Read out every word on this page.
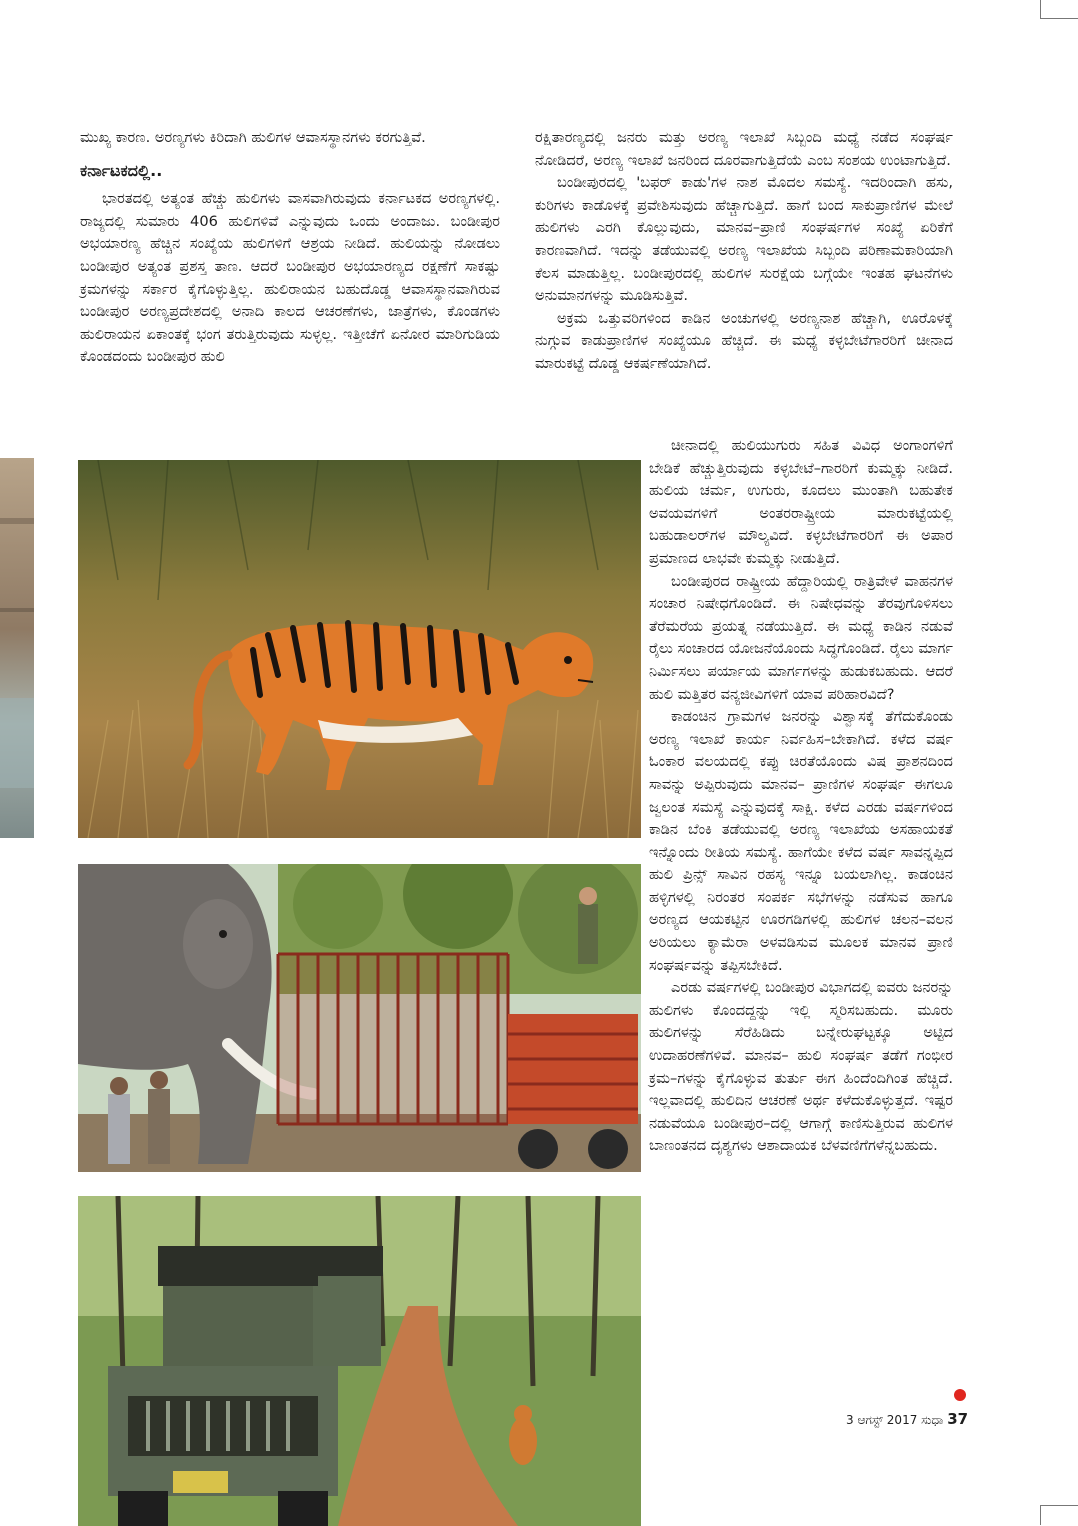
ಮುಖ್ಯ ಕಾರಣ. ಅರಣ್ಯಗಳು ಕಿರಿದಾಗಿ ಹುಲಿಗಳ ಆವಾಸಸ್ಥಾನಗಳು ಕರಗುತ್ತಿವೆ.

ಕರ್ನಾಟಕದಲ್ಲಿ..

ಭಾರತದಲ್ಲಿ ಅತ್ಯಂತ ಹೆಚ್ಚು ಹುಲಿಗಳು ವಾಸವಾಗಿರುವುದು ಕರ್ನಾಟಕದ ಅರಣ್ಯಗಳಲ್ಲಿ. ರಾಜ್ಯದಲ್ಲಿ ಸುಮಾರು 406 ಹುಲಿಗಳಿವೆ ಎನ್ನುವುದು ಒಂದು ಅಂದಾಜು. ಬಂಡೀಪುರ ಅಭಯಾರಣ್ಯ ಹೆಚ್ಚಿನ ಸಂಖ್ಯೆಯ ಹುಲಿಗಳಿಗೆ ಆಶ್ರಯ ನೀಡಿದೆ. ಹುಲಿಯನ್ನು ನೋಡಲು ಬಂಡೀಪುರ ಅತ್ಯಂತ ಪ್ರಶಸ್ತ ತಾಣ. ಆದರೆ ಬಂಡೀಪುರ ಅಭಯಾರಣ್ಯದ ರಕ್ಷಣೆಗೆ ಸಾಕಷ್ಟು ಕ್ರಮಗಳನ್ನು ಸರ್ಕಾರ ಕೈಗೊಳ್ಳುತ್ತಿಲ್ಲ. ಹುಲಿರಾಯನ ಬಹುದೊಡ್ಡ ಆವಾಸಸ್ಥಾನವಾಗಿರುವ ಬಂಡೀಪುರ ಅರಣ್ಯಪ್ರದೇಶದಲ್ಲಿ ಅನಾದಿ ಕಾಲದ ಆಚರಣೆಗಳು, ಜಾತ್ರೆಗಳು, ಕೊಂಡಗಳು ಹುಲಿರಾಯನ ಏಕಾಂತಕ್ಕೆ ಭಂಗ ತರುತ್ತಿರುವುದು ಸುಳ್ಳಲ್ಲ. ಇತ್ತೀಚೆಗೆ ಏನೋರ ಮಾರಿಗುಡಿಯ ಕೊಂಡದಂದು ಬಂಡೀಪುರ ಹುಲಿ

ರಕ್ಷಿತಾರಣ್ಯದಲ್ಲಿ ಜನರು ಮತ್ತು ಅರಣ್ಯ ಇಲಾಖೆ ಸಿಬ್ಬಂದಿ ಮಧ್ಯೆ ನಡೆದ ಸಂಘರ್ಷ ನೋಡಿದರೆ, ಅರಣ್ಯ ಇಲಾಖೆ ಜನರಿಂದ ದೂರವಾಗುತ್ತಿದೆಯೆ ಎಂಬ ಸಂಶಯ ಉಂಟಾಗುತ್ತಿದೆ.

ಬಂಡೀಪುರದಲ್ಲಿ 'ಬಫರ್ ಕಾಡು'ಗಳ ನಾಶ ಮೊದಲ ಸಮಸ್ಯೆ. ಇದರಿಂದಾಗಿ ಹಸು, ಕುರಿಗಳು ಕಾಡೊಳಕ್ಕೆ ಪ್ರವೇಶಿಸುವುದು ಹೆಚ್ಚಾಗುತ್ತಿದೆ. ಹಾಗೆ ಬಂದ ಸಾಕುಪ್ರಾಣಿಗಳ ಮೇಲೆ ಹುಲಿಗಳು ಎರಗಿ ಕೊಲ್ಲುವುದು, ಮಾನವ–ಪ್ರಾಣಿ ಸಂಘರ್ಷಗಳ ಸಂಖ್ಯೆ ಏರಿಕೆಗೆ ಕಾರಣವಾಗಿದೆ. ಇದನ್ನು ತಡೆಯುವಲ್ಲಿ ಅರಣ್ಯ ಇಲಾಖೆಯ ಸಿಬ್ಬಂದಿ ಪರಿಣಾಮಕಾರಿಯಾಗಿ ಕೆಲಸ ಮಾಡುತ್ತಿಲ್ಲ. ಬಂಡೀಪುರದಲ್ಲಿ ಹುಲಿಗಳ ಸುರಕ್ಷೆಯ ಬಗ್ಗೆಯೇ ಇಂತಹ ಘಟನೆಗಳು ಅನುಮಾನಗಳನ್ನು ಮೂಡಿಸುತ್ತಿವೆ.

ಅಕ್ರಮ ಒತ್ತುವರಿಗಳಿಂದ ಕಾಡಿನ ಅಂಚುಗಳಲ್ಲಿ ಅರಣ್ಯನಾಶ ಹೆಚ್ಚಾಗಿ, ಊರೊಳಕ್ಕೆ ನುಗ್ಗುವ ಕಾಡುಪ್ರಾಣಿಗಳ ಸಂಖ್ಯೆಯೂ ಹೆಚ್ಚಿದೆ. ಈ ಮಧ್ಯೆ ಕಳ್ಳಬೇಟೆಗಾರರಿಗೆ ಚೀನಾದ ಮಾರುಕಟ್ಟೆ ದೊಡ್ಡ ಆಕರ್ಷಣೆಯಾಗಿದೆ.

ಚೀನಾದಲ್ಲಿ ಹುಲಿಯುಗುರು ಸಹಿತ ವಿವಿಧ ಅಂಗಾಂಗಳಿಗೆ ಬೇಡಿಕೆ ಹೆಚ್ಚುತ್ತಿರುವುದು ಕಳ್ಳಬೇಟೆ–ಗಾರರಿಗೆ ಕುಮ್ಮಕ್ಕು ನೀಡಿದೆ. ಹುಲಿಯ ಚರ್ಮ, ಉಗುರು, ಕೂದಲು ಮುಂತಾಗಿ ಬಹುತೇಕ ಅವಯವಗಳಿಗೆ ಅಂತರರಾಷ್ಟ್ರೀಯ ಮಾರುಕಟ್ಟೆಯಲ್ಲಿ ಬಹುಡಾಲರ್‌ಗಳ ಮೌಲ್ಯವಿದೆ. ಕಳ್ಳಬೇಟೆಗಾರರಿಗೆ ಈ ಅಪಾರ ಪ್ರಮಾಣದ ಲಾಭವೇ ಕುಮ್ಮಕ್ಕು ನೀಡುತ್ತಿದೆ.

ಬಂಡೀಪುರದ ರಾಷ್ಟ್ರೀಯ ಹೆದ್ದಾರಿಯಲ್ಲಿ ರಾತ್ರಿವೇಳೆ ವಾಹನಗಳ ಸಂಚಾರ ನಿಷೇಧಗೊಂಡಿದೆ. ಈ ನಿಷೇಧವನ್ನು ತೆರವುಗೊಳಿಸಲು ತೆರೆಮರೆಯ ಪ್ರಯತ್ನ ನಡೆಯುತ್ತಿದೆ. ಈ ಮಧ್ಯೆ ಕಾಡಿನ ನಡುವೆ ರೈಲು ಸಂಚಾರದ ಯೋಜನೆಯೊಂದು ಸಿದ್ಧಗೊಂಡಿದೆ. ರೈಲು ಮಾರ್ಗ ನಿರ್ಮಿಸಲು ಪರ್ಯಾಯ ಮಾರ್ಗಗಳನ್ನು ಹುಡುಕಬಹುದು. ಆದರೆ ಹುಲಿ ಮತ್ತಿತರ ವನ್ಯಜೀವಿಗಳಿಗೆ ಯಾವ ಪರಿಹಾರವಿದೆ?

ಕಾಡಂಚಿನ ಗ್ರಾಮಗಳ ಜನರನ್ನು ವಿಶ್ವಾಸಕ್ಕೆ ತೆಗೆದುಕೊಂಡು ಅರಣ್ಯ ಇಲಾಖೆ ಕಾರ್ಯ ನಿರ್ವಹಿಸ–ಬೇಕಾಗಿದೆ. ಕಳೆದ ವರ್ಷ ಓಂಕಾರ ವಲಯದಲ್ಲಿ ಕಪ್ಪು ಚಿರತೆಯೊಂದು ವಿಷ ಪ್ರಾಶನದಿಂದ ಸಾವನ್ನು ಅಪ್ಪಿರುವುದು ಮಾನವ– ಪ್ರಾಣಿಗಳ ಸಂಘರ್ಷ ಈಗಲೂ ಜ್ವಲಂತ ಸಮಸ್ಯೆ ಎನ್ನುವುದಕ್ಕೆ ಸಾಕ್ಷಿ. ಕಳೆದ ಎರಡು ವರ್ಷಗಳಿಂದ ಕಾಡಿನ ಬೆಂಕಿ ತಡೆಯುವಲ್ಲಿ ಅರಣ್ಯ ಇಲಾಖೆಯ ಅಸಹಾಯಕತೆ ಇನ್ನೊಂದು ರೀತಿಯ ಸಮಸ್ಯೆ. ಹಾಗೆಯೇ ಕಳೆದ ವರ್ಷ ಸಾವನ್ನಪ್ಪಿದ ಹುಲಿ ಪ್ರಿನ್ಸ್ ಸಾವಿನ ರಹಸ್ಯ ಇನ್ನೂ ಬಯಲಾಗಿಲ್ಲ. ಕಾಡಂಚಿನ ಹಳ್ಳಿಗಳಲ್ಲಿ ನಿರಂತರ ಸಂಪರ್ಕ ಸಭೆಗಳನ್ನು ನಡೆಸುವ ಹಾಗೂ ಅರಣ್ಯದ ಆಯಕಟ್ಟಿನ ಊರಗಡಿಗಳಲ್ಲಿ ಹುಲಿಗಳ ಚಲನ–ವಲನ ಅರಿಯಲು ಕ್ಯಾಮೆರಾ ಅಳವಡಿಸುವ ಮೂಲಕ ಮಾನವ ಪ್ರಾಣಿ ಸಂಘರ್ಷವನ್ನು ತಪ್ಪಿಸಬೇಕಿದೆ.

ಎರಡು ವರ್ಷಗಳಲ್ಲಿ ಬಂಡೀಪುರ ವಿಭಾಗದಲ್ಲಿ ಐವರು ಜನರನ್ನು ಹುಲಿಗಳು ಕೊಂದದ್ದನ್ನು ಇಲ್ಲಿ ಸ್ಮರಿಸಬಹುದು. ಮೂರು ಹುಲಿಗಳನ್ನು ಸೆರೆಹಿಡಿದು ಬನ್ನೇರುಘಟ್ಟಕ್ಕೂ ಅಟ್ಟಿದ ಉದಾಹರಣೆಗಳಿವೆ. ಮಾನವ– ಹುಲಿ ಸಂಘರ್ಷ ತಡೆಗೆ ಗಂಭೀರ ಕ್ರಮ–ಗಳನ್ನು ಕೈಗೊಳ್ಳುವ ತುರ್ತು ಈಗ ಹಿಂದೆಂದಿಗಿಂತ ಹೆಚ್ಚಿದೆ. ಇಲ್ಲವಾದಲ್ಲಿ ಹುಲಿದಿನ ಆಚರಣೆ ಅರ್ಥ ಕಳೆದುಕೊಳ್ಳುತ್ತದೆ. ಇಷ್ಟರ ನಡುವೆಯೂ ಬಂಡೀಪುರ–ದಲ್ಲಿ ಆಗಾಗ್ಗೆ ಕಾಣಿಸುತ್ತಿರುವ ಹುಲಿಗಳ ಬಾಣಂತನದ ದೃಶ್ಯಗಳು ಆಶಾದಾಯಕ ಬೆಳವಣಿಗೆಗಳೆನ್ನಬಹುದು.

3 ಆಗಸ್ಟ್ 2017 ಸುಧಾ 37
